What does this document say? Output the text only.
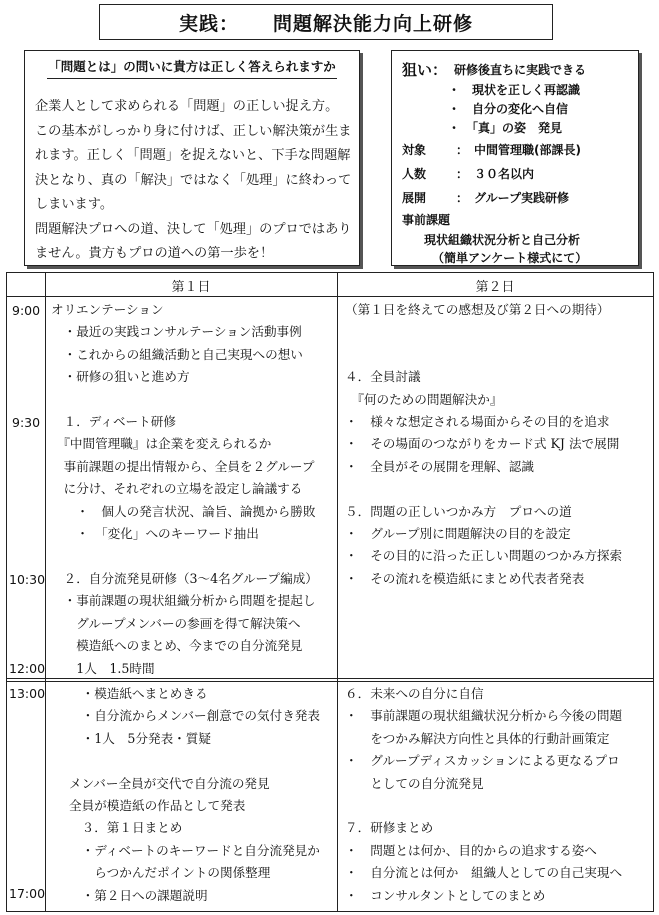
実践： 問題解決能力向上研修
「問題とは」の問いに貴方は正しく答えられますか
企業人として求められる「問題」の正しい捉え方。
この基本がしっかり身に付けば、正しい解決策が生ま
れます。正しく「問題」を捉えないと、下手な問題解
決となり、真の「解決」ではなく「処理」に終わって
しまいます。
問題解決プロへの道、決して「処理」のプロではあり
ません。貴方もプロの道への第一歩を！
狙い： 研修後直ちに実践できる
・　現状を正しく再認識
・　自分の変化へ自信
・　「真」の姿　発見
対象 ：　中間管理職(部課長)
人数 ：　３０名以内
展開 ：　グループ実践研修
事前課題
現状組織状況分析と自己分析
（簡単アンケート様式にて）
第１日	第２日
9:00
9:30
10:30
12:00
13:00
17:00
オリエンテーション
　・最近の実践コンサルテーション活動事例
　・これからの組織活動と自己実現への想い
　・研修の狙いと進め方

　１．ディベート研修
　『中間管理職』は企業を変えられるか
　事前課題の提出情報から、全員を２グループ
　に分け、それぞれの立場を設定し論議する
　　・　個人の発言状況、論旨、論拠から勝敗
　　・　「変化」へのキーワード抽出

　２．自分流発見研修（3～4名グループ編成）
　・事前課題の現状組織分析から問題を提起し
　　グループメンバーの参画を得て解決策へ
　　模造紙へのまとめ、今までの自分流発見
　　1人　1.5時間
（第１日を終えての感想及び第２日への期待）

４．全員討議
　『何のための問題解決か』
・　様々な想定される場面からその目的を追求
・　その場面のつながりをカード式 KJ 法で展開
・　全員がその展開を理解、認識

５．問題の正しいつかみ方　プロへの道
・　グループ別に問題解決の目的を設定
・　その目的に沿った正しい問題のつかみ方探索
・　その流れを模造紙にまとめ代表者発表
　・模造紙へまとめきる
　・自分流からメンバー創意での気付き発表
　・1人　5分発表・質疑

メンバー全員が交代で自分流の発見
全員が模造紙の作品として発表
　３．第１日まとめ
　・ディベートのキーワードと自分流発見か
　　らつかんだポイントの関係整理
　・第２日への課題説明
６．未来への自分に自信
・　事前課題の現状組織状況分析から今後の問題
　　をつかみ解決方向性と具体的行動計画策定
・　グループディスカッションによる更なるプロ
　　としての自分流発見

７．研修まとめ
・　問題とは何か、目的からの追求する姿へ
・　自分流とは何か　組織人としての自己実現へ
・　コンサルタントとしてのまとめ
